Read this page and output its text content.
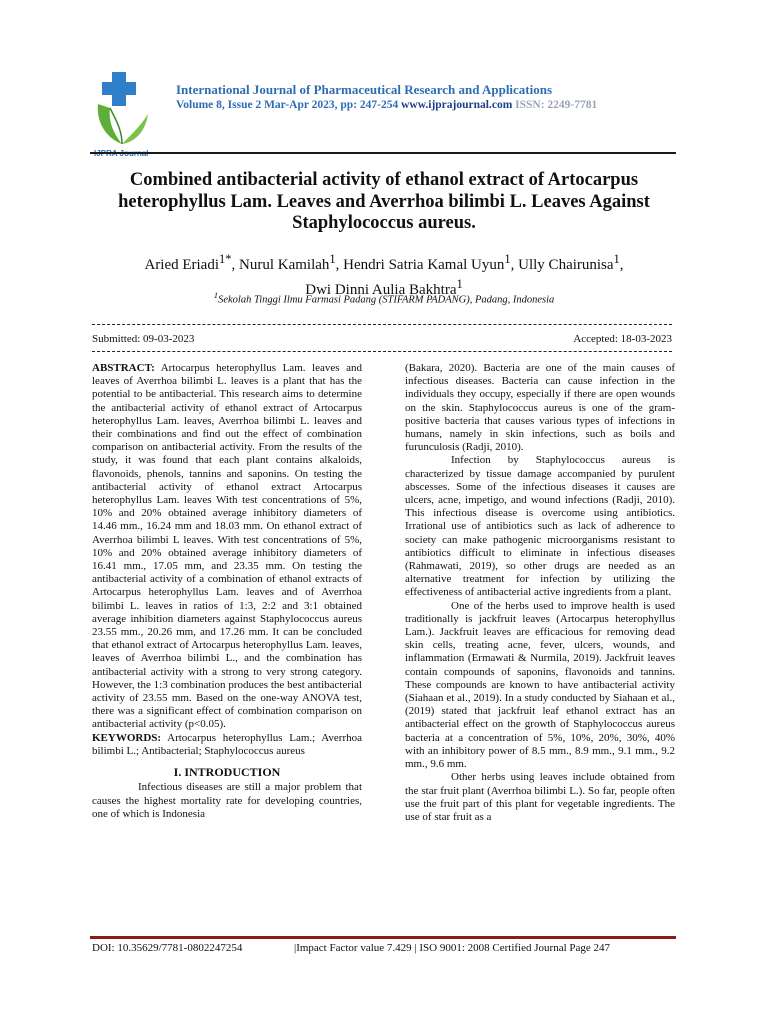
International Journal of Pharmaceutical Research and Applications
Volume 8, Issue 2 Mar-Apr 2023, pp: 247-254 www.ijprajournal.com ISSN: 2249-7781
Combined antibacterial activity of ethanol extract of Artocarpus heterophyllus Lam. Leaves and Averrhoa bilimbi L. Leaves Against Staphylococcus aureus.
Aried Eriadi$^{1*}$, Nurul Kamilah$^1$, Hendri Satria Kamal Uyun$^1$, Ully Chairunisa$^1$,
Dwi Dinni Aulia Bakhtra$^1$
$^1$Sekolah Tinggi Ilmu Farmasi Padang (STIFARM PADANG), Padang, Indonesia
Submitted: 09-03-2023	Accepted: 18-03-2023

ABSTRACT: Artocarpus heterophyllus Lam. leaves and leaves of Averrhoa bilimbi L. leaves is a plant that has the potential to be antibacterial. This research aims to determine the antibacterial activity of ethanol extract of Artocarpus heterophyllus Lam. leaves, Averrhoa bilimbi L. leaves and their combinations and find out the effect of combination comparison on antibacterial activity. From the results of the study, it was found that each plant contains alkaloids, flavonoids, phenols, tannins and saponins. On testing the antibacterial activity of ethanol extract Artocarpus heterophyllus Lam. leaves With test concentrations of 5%, 10% and 20% obtained average inhibitory diameters of 14.46 mm., 16.24 mm and 18.03 mm. On ethanol extract of Averrhoa bilimbi L leaves. With test concentrations of 5%, 10% and 20% obtained average inhibitory diameters of 16.41 mm., 17.05 mm, and 23.35 mm. On testing the antibacterial activity of a combination of ethanol extracts of Artocarpus heterophyllus Lam. leaves and of Averrhoa bilimbi L. leaves in ratios of 1:3, 2:2 and 3:1 obtained average inhibition diameters against Staphylococcus aureus 23.55 mm., 20.26 mm, and 17.26 mm. It can be concluded that ethanol extract of Artocarpus heterophyllus Lam. leaves, leaves of Averrhoa bilimbi L., and the combination has antibacterial activity with a strong to very strong category. However, the 1:3 combination produces the best antibacterial activity of 23.55 mm. Based on the one-way ANOVA test, there was a significant effect of combination comparison on antibacterial activity (p<0.05).

KEYWORDS: Artocarpus heterophyllus Lam.; Averrhoa bilimbi L.; Antibacterial; Staphylococcus aureus

I. INTRODUCTION

Infectious diseases are still a major problem that causes the highest mortality rate for developing countries, one of which is Indonesia

(Bakara, 2020). Bacteria are one of the main causes of infectious diseases. Bacteria can cause infection in the individuals they occupy, especially if there are open wounds on the skin. Staphylococcus aureus is one of the gram-positive bacteria that causes various types of infections in humans, namely in skin infections, such as boils and furunculosis (Radji, 2010).

Infection by Staphylococcus aureus is characterized by tissue damage accompanied by purulent abscesses. Some of the infectious diseases it causes are ulcers, acne, impetigo, and wound infections (Radji, 2010). This infectious disease is overcome using antibiotics. Irrational use of antibiotics such as lack of adherence to society can make pathogenic microorganisms resistant to antibiotics difficult to eliminate in infectious diseases (Rahmawati, 2019), so other drugs are needed as an alternative treatment for infection by utilizing the effectiveness of antibacterial active ingredients from a plant.

One of the herbs used to improve health is used traditionally is jackfruit leaves (Artocarpus heterophyllus Lam.). Jackfruit leaves are efficacious for removing dead skin cells, treating acne, fever, ulcers, wounds, and inflammation (Ermawati & Nurmila, 2019). Jackfruit leaves contain compounds of saponins, flavonoids and tannins. These compounds are known to have antibacterial activity (Siahaan et al., 2019). In a study conducted by Siahaan et al., (2019) stated that jackfruit leaf ethanol extract has an antibacterial effect on the growth of Staphylococcus aureus bacteria at a concentration of 5%, 10%, 20%, 30%, 40% with an inhibitory power of 8.5 mm., 8.9 mm., 9.1 mm., 9.2 mm., 9.6 mm.

Other herbs using leaves include obtained from the star fruit plant (Averrhoa bilimbi L.). So far, people often use the fruit part of this plant for vegetable ingredients. The use of star fruit as a

DOI: 10.35629/7781-0802247254	|Impact Factor value 7.429 | ISO 9001: 2008 Certified Journal Page 247
